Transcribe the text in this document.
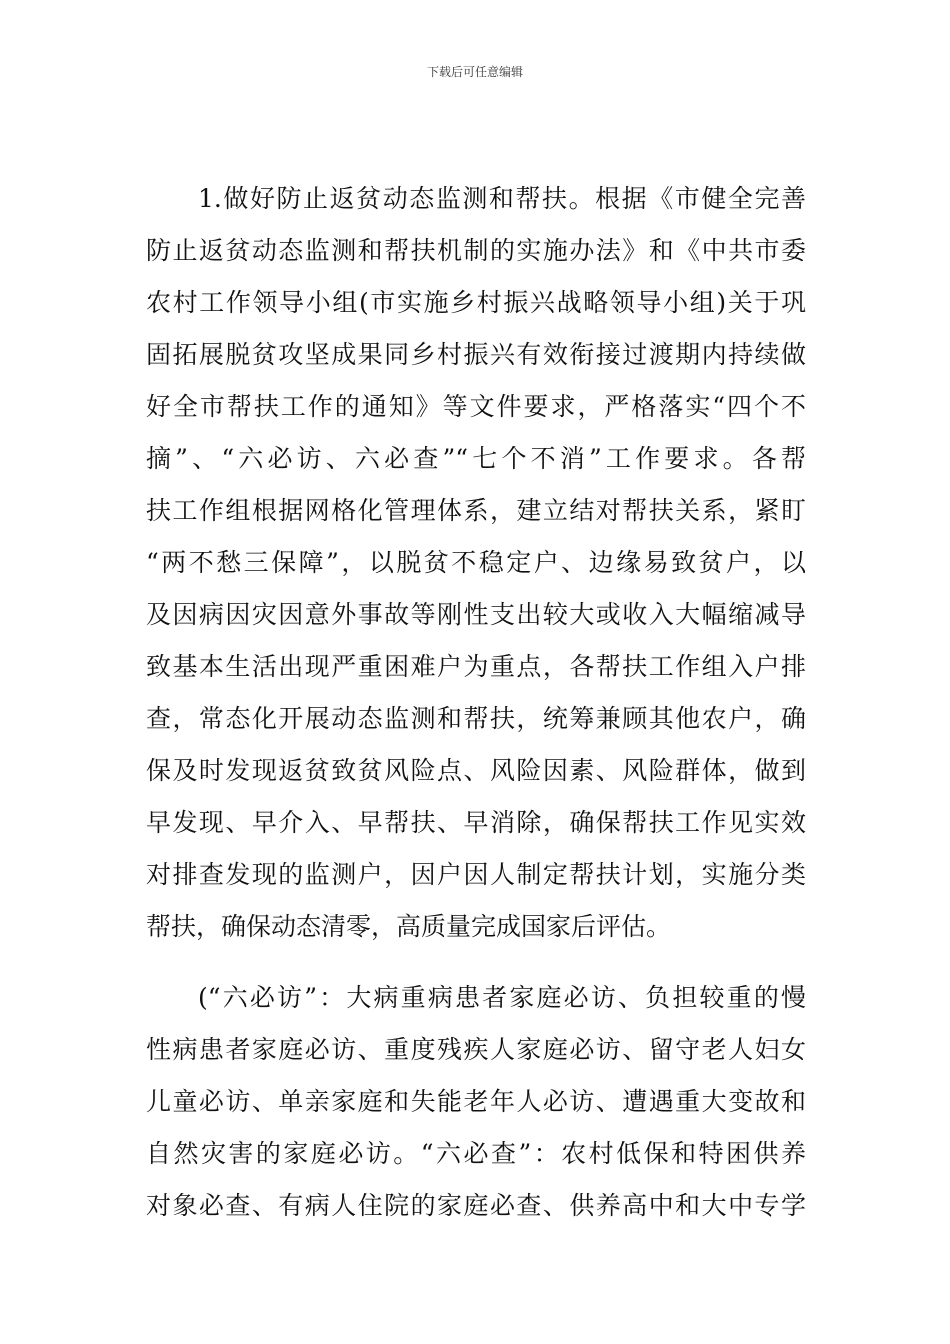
下载后可任意编辑
1.做好防止返贫动态监测和帮扶。根据《市健全完善
防止返贫动态监测和帮扶机制的实施办法》和《中共市委
农村工作领导小组(市实施乡村振兴战略领导小组)关于巩
固拓展脱贫攻坚成果同乡村振兴有效衔接过渡期内持续做
好全市帮扶工作的通知》等文件要求，严格落实“四个不
摘”、“六必访、六必查”“七个不消”工作要求。各帮
扶工作组根据网格化管理体系，建立结对帮扶关系，紧盯
“两不愁三保障”，以脱贫不稳定户、边缘易致贫户，以
及因病因灾因意外事故等刚性支出较大或收入大幅缩减导
致基本生活出现严重困难户为重点，各帮扶工作组入户排
查，常态化开展动态监测和帮扶，统筹兼顾其他农户，确
保及时发现返贫致贫风险点、风险因素、风险群体，做到
早发现、早介入、早帮扶、早消除，确保帮扶工作见实效
对排查发现的监测户，因户因人制定帮扶计划，实施分类
帮扶，确保动态清零，高质量完成国家后评估。
(“六必访”：大病重病患者家庭必访、负担较重的慢
性病患者家庭必访、重度残疾人家庭必访、留守老人妇女
儿童必访、单亲家庭和失能老年人必访、遭遇重大变故和
自然灾害的家庭必访。“六必查”：农村低保和特困供养
对象必查、有病人住院的家庭必查、供养高中和大中专学
